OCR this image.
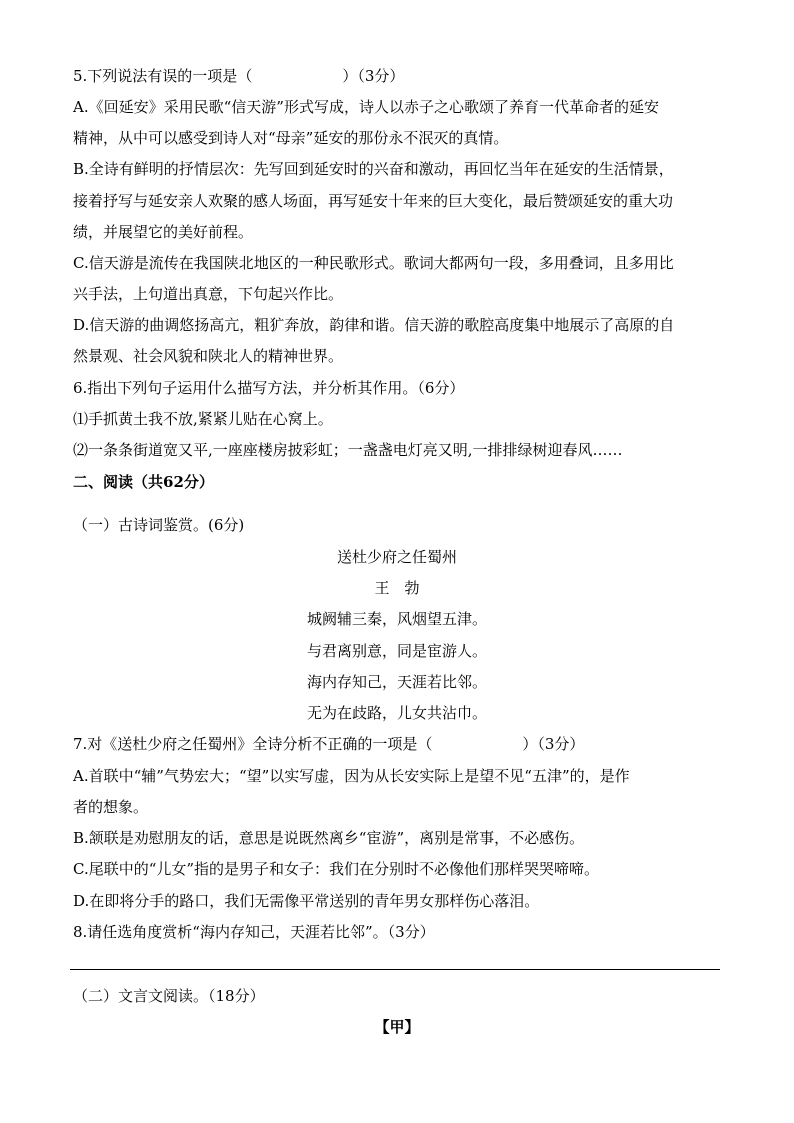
5.下列说法有误的一项是（　　　　　　）（3分）
A.《回延安》采用民歌“信天游”形式写成，诗人以赤子之心歌颂了养育一代革命者的延安
精神，从中可以感受到诗人对“母亲”延安的那份永不泯灭的真情。
B.全诗有鲜明的抒情层次：先写回到延安时的兴奋和激动，再回忆当年在延安的生活情景，
接着抒写与延安亲人欢聚的感人场面，再写延安十年来的巨大变化，最后赞颂延安的重大功
绩，并展望它的美好前程。
C.信天游是流传在我国陕北地区的一种民歌形式。歌词大都两句一段，多用叠词，且多用比
兴手法，上句道出真意，下句起兴作比。
D.信天游的曲调悠扬高亢，粗犷奔放，韵律和谐。信天游的歌腔高度集中地展示了高原的自
然景观、社会风貌和陕北人的精神世界。
6.指出下列句子运用什么描写方法，并分析其作用。（6分）
⑴手抓黄土我不放,紧紧儿贴在心窝上。
⑵一条条街道宽又平,一座座楼房披彩虹；一盏盏电灯亮又明,一排排绿树迎春风……
二、阅读（共62分）
（一）古诗词鉴赏。(6分)
送杜少府之任蜀州
王　勃
城阙辅三秦，风烟望五津。
与君离别意，同是宦游人。
海内存知己，天涯若比邻。
无为在歧路，儿女共沾巾。
7.对《送杜少府之任蜀州》全诗分析不正确的一项是（　　　　　　）（3分）
A.首联中“辅”气势宏大；“望”以实写虚，因为从长安实际上是望不见“五津”的，是作
者的想象。
B.颔联是劝慰朋友的话，意思是说既然离乡“宦游”，离别是常事，不必感伤。
C.尾联中的“儿女”指的是男子和女子：我们在分别时不必像他们那样哭哭啼啼。
D.在即将分手的路口，我们无需像平常送别的青年男女那样伤心落泪。
8.请任选角度赏析“海内存知己，天涯若比邻”。（3分）
（二）文言文阅读。（18分）
【甲】
